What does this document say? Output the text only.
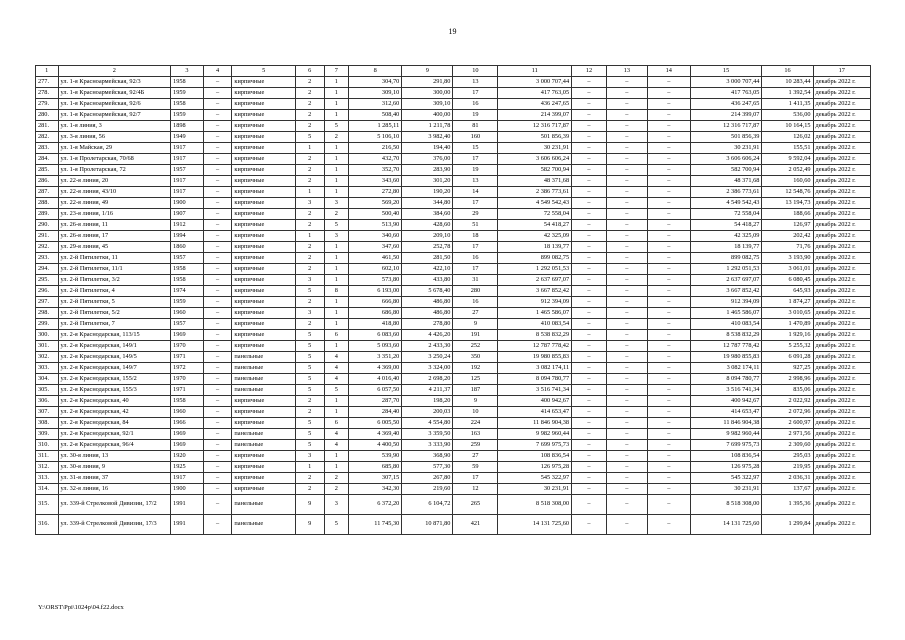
19
1	2	3	4	5	6	7	8	9	10	11	12	13	14	15	16	17
277.	ул. 1-я Красноармейская, 92/3	1958	–	кирпичные	2	1	304,70	291,80	13	3 000 707,44	–	–	–	3 000 707,44	10 283,44	декабрь 2022 г.
278.	ул. 1-я Красноармейская, 92/4Б	1959	–	кирпичные	2	1	309,10	300,00	17	417 763,05	–	–	–	417 763,05	1 392,54	декабрь 2022 г.
279.	ул. 1-я Красноармейская, 92/6	1958	–	кирпичные	2	1	312,60	309,10	16	436 247,65	–	–	–	436 247,65	1 411,35	декабрь 2022 г.
280.	ул. 1-я Красноармейская, 92/7	1959	–	кирпичные	2	1	508,40	400,00	19	214 399,07	–	–	–	214 399,07	536,00	декабрь 2022 г.
281.	ул. 1-я линия, 3	1898	–	кирпичные	2	5	1 285,11	1 211,78	81	12 316 717,87	–	–	–	12 316 717,87	10 164,15	декабрь 2022 г.
282.	ул. 3-я линия, 56	1949	–	кирпичные	5	2	5 106,10	3 982,40	160	501 856,39	–	–	–	501 856,39	126,02	декабрь 2022 г.
283.	ул. 1-я Майская, 29	1917	–	кирпичные	1	1	216,50	194,40	15	30 231,91	–	–	–	30 231,91	155,51	декабрь 2022 г.
284.	ул. 1-я Пролетарская, 70/68	1917	–	кирпичные	2	1	432,70	376,00	17	3 606 606,24	–	–	–	3 606 606,24	9 592,04	декабрь 2022 г.
285.	ул. 1-я Пролетарская, 72	1957	–	кирпичные	2	1	352,70	283,90	19	582 700,94	–	–	–	582 700,94	2 052,49	декабрь 2022 г.
286.	ул. 22-я линия, 20	1917	–	кирпичные	2	1	343,60	301,20	13	48 371,68	–	–	–	48 371,68	160,60	декабрь 2022 г.
287.	ул. 22-я линия, 43/10	1917	–	кирпичные	1	1	272,80	190,20	14	2 386 773,61	–	–	–	2 386 773,61	12 548,76	декабрь 2022 г.
288.	ул. 22-я линия, 49	1900	–	кирпичные	3	3	569,20	344,80	17	4 549 542,43	–	–	–	4 549 542,43	13 194,73	декабрь 2022 г.
289.	ул. 23-я линия, 1/16	1907	–	кирпичные	2	2	500,40	384,60	29	72 558,04	–	–	–	72 558,04	188,66	декабрь 2022 г.
290.	ул. 26-я линия, 11	1912	–	кирпичные	2	5	513,90	428,60	51	54 418,27	–	–	–	54 418,27	126,97	декабрь 2022 г.
291.	ул. 26-я линия, 17	1994	–	кирпичные	1	3	340,60	209,10	18	42 325,09	–	–	–	42 325,09	202,42	декабрь 2022 г.
292.	ул. 29-я линия, 45	1860	–	кирпичные	2	1	347,60	252,78	17	18 139,77	–	–	–	18 139,77	71,76	декабрь 2022 г.
293.	ул. 2-й Пятилетки, 11	1957	–	кирпичные	2	1	461,50	281,50	16	899 082,75	–	–	–	899 082,75	3 193,90	декабрь 2022 г.
294.	ул. 2-й Пятилетки, 11/1	1958	–	кирпичные	2	1	602,10	422,10	17	1 292 051,53	–	–	–	1 292 051,53	3 061,01	декабрь 2022 г.
295.	ул. 2-й Пятилетки, 3/2	1958	–	кирпичные	3	1	573,80	433,80	31	2 637 697,07	–	–	–	2 637 697,07	6 080,45	декабрь 2022 г.
296.	ул. 2-й Пятилетки, 4	1974	–	кирпичные	5	8	6 193,00	5 678,40	280	3 667 852,42	–	–	–	3 667 852,42	645,93	декабрь 2022 г.
297.	ул. 2-й Пятилетки, 5	1959	–	кирпичные	2	1	666,80	486,80	16	912 394,09	–	–	–	912 394,09	1 874,27	декабрь 2022 г.
298.	ул. 2-й Пятилетки, 5/2	1960	–	кирпичные	3	1	686,80	486,80	27	1 465 586,07	–	–	–	1 465 586,07	3 010,65	декабрь 2022 г.
299.	ул. 2-й Пятилетки, 7	1957	–	кирпичные	2	1	418,80	278,80	9	410 083,54	–	–	–	410 083,54	1 470,89	декабрь 2022 г.
300.	ул. 2-я Краснодарская, 113/15	1969	–	кирпичные	5	6	6 083,60	4 426,20	191	8 538 832,29	–	–	–	8 538 832,29	1 929,16	декабрь 2022 г.
301.	ул. 2-я Краснодарская, 149/1	1970	–	кирпичные	5	1	5 093,60	2 433,30	252	12 787 778,42	–	–	–	12 787 778,42	5 255,32	декабрь 2022 г.
302.	ул. 2-я Краснодарская, 149/5	1971	–	панельные	5	4	3 351,20	3 250,24	350	19 980 855,83	–	–	–	19 980 855,83	6 091,28	декабрь 2022 г.
303.	ул. 2-я Краснодарская, 149/7	1972	–	панельные	5	4	4 369,00	3 324,00	192	3 082 174,11	–	–	–	3 082 174,11	927,25	декабрь 2022 г.
304.	ул. 2-я Краснодарская, 155/2	1970	–	панельные	5	4	4 016,40	2 698,20	125	8 094 780,77	–	–	–	8 094 780,77	2 998,96	декабрь 2022 г.
305.	ул. 2-я Краснодарская, 155/3	1971	–	панельные	5	5	6 057,50	4 211,37	187	3 516 741,34	–	–	–	3 516 741,34	835,06	декабрь 2022 г.
306.	ул. 2-я Краснодарская, 40	1958	–	кирпичные	2	1	287,70	198,20	9	400 942,67	–	–	–	400 942,67	2 022,92	декабрь 2022 г.
307.	ул. 2-я Краснодарская, 42	1960	–	кирпичные	2	1	284,40	200,03	10	414 653,47	–	–	–	414 653,47	2 072,96	декабрь 2022 г.
308.	ул. 2-я Краснодарская, 84	1966	–	кирпичные	5	6	6 005,50	4 554,80	224	11 846 904,38	–	–	–	11 846 904,38	2 600,97	декабрь 2022 г.
309.	ул. 2-я Краснодарская, 92/1	1969	–	панельные	5	4	4 369,40	3 359,50	163	9 982 960,44	–	–	–	9 982 960,44	2 971,56	декабрь 2022 г.
310.	ул. 2-я Краснодарская, 96/4	1969	–	панельные	5	4	4 400,50	3 333,90	259	7 699 975,73	–	–	–	7 699 975,73	2 309,60	декабрь 2022 г.
311.	ул. 30-я линия, 13	1920	–	кирпичные	3	1	539,90	368,90	27	108 836,54	–	–	–	108 836,54	295,03	декабрь 2022 г.
312.	ул. 30-я линия, 9	1925	–	кирпичные	1	1	685,80	577,30	59	126 975,28	–	–	–	126 975,28	219,95	декабрь 2022 г.
313.	ул. 31-я линия, 37	1917	–	кирпичные	2	2	307,15	267,80	17	545 322,97	–	–	–	545 322,97	2 036,31	декабрь 2022 г.
314.	ул. 32-я линия, 16	1900	–	кирпичные	2	2	342,30	219,60	12	30 231,91	–	–	–	30 231,91	137,67	декабрь 2022 г.
315.	ул. 339-й Стрелковой Дивизии, 17/2	1991	–	панельные	9	3	6 372,20	6 104,72	265	8 518 308,00	–	–	–	8 518 308,00	1 395,36	декабрь 2022 г.
316.	ул. 339-й Стрелковой Дивизии, 17/3	1991	–	панельные	9	5	11 745,30	10 871,80	421	14 131 725,60	–	–	–	14 131 725,60	1 299,84	декабрь 2022 г.
Y:\ORST\Ppi\1024p\04.f22.docx
